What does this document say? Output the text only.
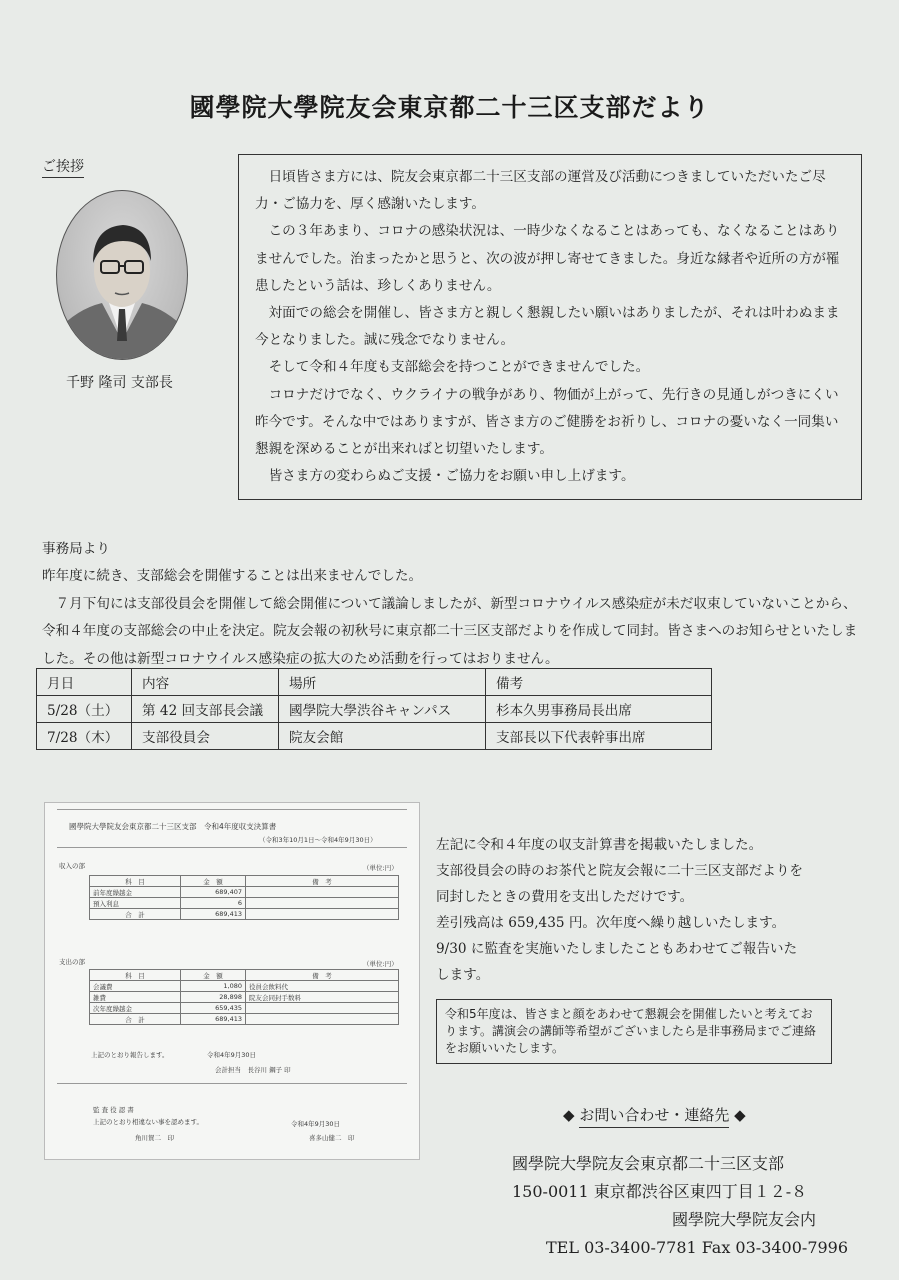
國學院大學院友会東京都二十三区支部だより
ご挨拶
千野 隆司 支部長

日頃皆さま方には、院友会東京都二十三区支部の運営及び活動につきましていただいたご尽力・ご協力を、厚く感謝いたします。

この３年あまり、コロナの感染状況は、一時少なくなることはあっても、なくなることはありませんでした。治まったかと思うと、次の波が押し寄せてきました。身近な縁者や近所の方が罹患したという話は、珍しくありません。

対面での総会を開催し、皆さま方と親しく懇親したい願いはありましたが、それは叶わぬまま今となりました。誠に残念でなりません。

そして令和４年度も支部総会を持つことができませんでした。

コロナだけでなく、ウクライナの戦争があり、物価が上がって、先行きの見通しがつきにくい昨今です。そんな中ではありますが、皆さま方のご健勝をお祈りし、コロナの憂いなく一同集い懇親を深めることが出来ればと切望いたします。

皆さま方の変わらぬご支援・ご協力をお願い申し上げます。

事務局より

昨年度に続き、支部総会を開催することは出来ませんでした。

７月下旬には支部役員会を開催して総会開催について議論しましたが、新型コロナウイルス感染症が未だ収束していないことから、令和４年度の支部総会の中止を決定。院友会報の初秋号に東京都二十三区支部だよりを作成して同封。皆さまへのお知らせといたしました。その他は新型コロナウイルス感染症の拡大のため活動を行ってはおりません。

月日	内容	場所	備考
5/28（土）	第 42 回支部長会議	國學院大學渋谷キャンパス	杉本久男事務局長出席
7/28（木）	支部役員会	院友会館	支部長以下代表幹事出席
國學院大學院友会東京都二十三区支部　令和4年度収支決算書
（令和3年10月1日～令和4年9月30日）
収入の部	（単位:円）
科　目	金　額	備　考
前年度繰越金	689,407	
預入利息	6	
合　計	689,413	
支出の部	（単位:円）
科　目	金　額	備　考
会議費	1,080	役員会飲料代
雑費	28,898	院友会同封手数料
次年度繰越金	659,435	
合　計	689,413	
上記のとおり報告します。	令和4年9月30日
会計担当　長谷川 鋼子 印
監 査 役 認 書
上記のとおり相違ない事を認めます。	令和4年9月30日
角川賀二　印	喜多山健二　印

左記に令和４年度の収支計算書を掲載いたしました。

支部役員会の時のお茶代と院友会報に二十三区支部だよりを

同封したときの費用を支出しただけです。

差引残高は 659,435 円。次年度へ繰り越しいたします。

9/30 に監査を実施いたしましたこともあわせてご報告いた

します。

令和5年度は、皆さまと顔をあわせて懇親会を開催したいと考えております。講演会の講師等希望がございましたら是非事務局までご連絡をお願いいたします。
◆ お問い合わせ・連絡先 ◆
國學院大學院友会東京都二十三区支部
150-0011 東京都渋谷区東四丁目１２-８
國學院大學院友会内
TEL 03-3400-7781 Fax 03-3400-7996
